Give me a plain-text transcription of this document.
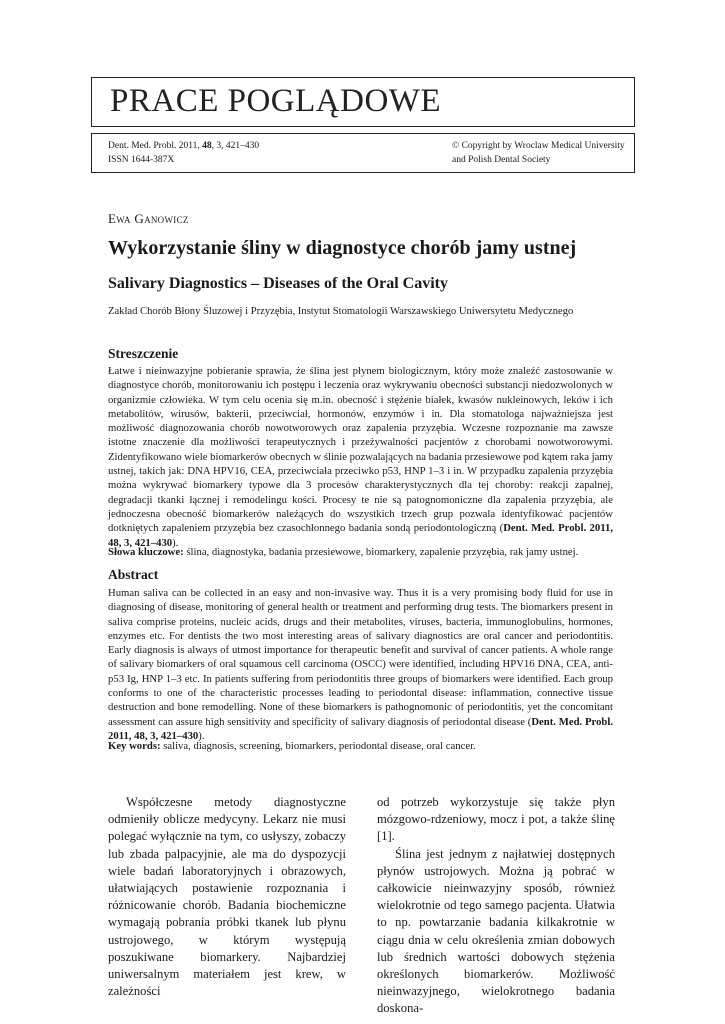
PRACE POGLĄDOWE
Dent. Med. Probl. 2011, 48, 3, 421–430
ISSN 1644-387X
© Copyright by Wroclaw Medical University
and Polish Dental Society
Ewa Ganowicz
Wykorzystanie śliny w diagnostyce chorób jamy ustnej
Salivary Diagnostics – Diseases of the Oral Cavity
Zakład Chorób Błony Śluzowej i Przyzębia, Instytut Stomatologii Warszawskiego Uniwersytetu Medycznego
Streszczenie
Łatwe i nieinwazyjne pobieranie sprawia, że ślina jest płynem biologicznym, który może znaleźć zastosowanie w diagnostyce chorób, monitorowaniu ich postępu i leczenia oraz wykrywaniu obecności substancji niedozwolonych w organizmie człowieka. W tym celu ocenia się m.in. obecność i stężenie białek, kwasów nukleinowych, leków i ich metabolitów, wirusów, bakterii, przeciwciał, hormonów, enzymów i in. Dla stomatologa najważniejsza jest możliwość diagnozowania chorób nowotworowych oraz zapalenia przyzębia. Wczesne rozpoznanie ma zawsze istotne znaczenie dla możliwości terapeutycznych i przeżywalności pacjentów z chorobami nowotworowymi. Zidentyfikowano wiele biomarkerów obecnych w ślinie pozwalających na badania przesiewowe pod kątem raka jamy ustnej, takich jak: DNA HPV16, CEA, przeciwciała przeciwko p53, HNP 1–3 i in. W przypadku zapalenia przyzębia można wykrywać biomarkery typowe dla 3 procesów charakterystycznych dla tej choroby: reakcji zapalnej, degradacji tkanki łącznej i remodelingu kości. Procesy te nie są patognomoniczne dla zapalenia przyzębia, ale jednoczesna obecność biomarkerów należących do wszystkich trzech grup pozwala identyfikować pacjentów dotkniętych zapaleniem przyzębia bez czasochłonnego badania sondą periodontologiczną (Dent. Med. Probl. 2011, 48, 3, 421–430).
Słowa kluczowe: ślina, diagnostyka, badania przesiewowe, biomarkery, zapalenie przyzębia, rak jamy ustnej.
Abstract
Human saliva can be collected in an easy and non-invasive way. Thus it is a very promising body fluid for use in diagnosing of disease, monitoring of general health or treatment and performing drug tests. The biomarkers present in saliva comprise proteins, nucleic acids, drugs and their metabolites, viruses, bacteria, immunoglobulins, hormones, enzymes etc. For dentists the two most interesting areas of salivary diagnostics are oral cancer and periodontitis. Early diagnosis is always of utmost importance for therapeutic benefit and survival of cancer patients. A whole range of salivary biomarkers of oral squamous cell carcinoma (OSCC) were identified, including HPV16 DNA, CEA, anti-p53 Ig, HNP 1–3 etc. In patients suffering from periodontitis three groups of biomarkers were identified. Each group conforms to one of the characteristic processes leading to periodontal disease: inflammation, connective tissue destruction and bone remodelling. None of these biomarkers is pathognomonic of periodontitis, yet the concomitant assessment can assure high sensitivity and specificity of salivary diagnosis of periodontal disease (Dent. Med. Probl. 2011, 48, 3, 421–430).
Key words: saliva, diagnosis, screening, biomarkers, periodontal disease, oral cancer.

Współczesne metody diagnostyczne odmieniły oblicze medycyny. Lekarz nie musi polegać wyłącznie na tym, co usłyszy, zobaczy lub zbada palpacyjnie, ale ma do dyspozycji wiele badań laboratoryjnych i obrazowych, ułatwiających postawienie rozpoznania i różnicowanie chorób. Badania biochemiczne wymagają pobrania próbki tkanek lub płynu ustrojowego, w którym występują poszukiwane biomarkery. Najbardziej uniwersalnym materiałem jest krew, w zależności

od potrzeb wykorzystuje się także płyn mózgowo-rdzeniowy, mocz i pot, a także ślinę [1].

Ślina jest jednym z najłatwiej dostępnych płynów ustrojowych. Można ją pobrać w całkowicie nieinwazyjny sposób, również wielokrotnie od tego samego pacjenta. Ułatwia to np. powtarzanie badania kilkakrotnie w ciągu dnia w celu określenia zmian dobowych lub średnich wartości dobowych stężenia określonych biomarkerów. Możliwość nieinwazyjnego, wielokrotnego badania doskona-
